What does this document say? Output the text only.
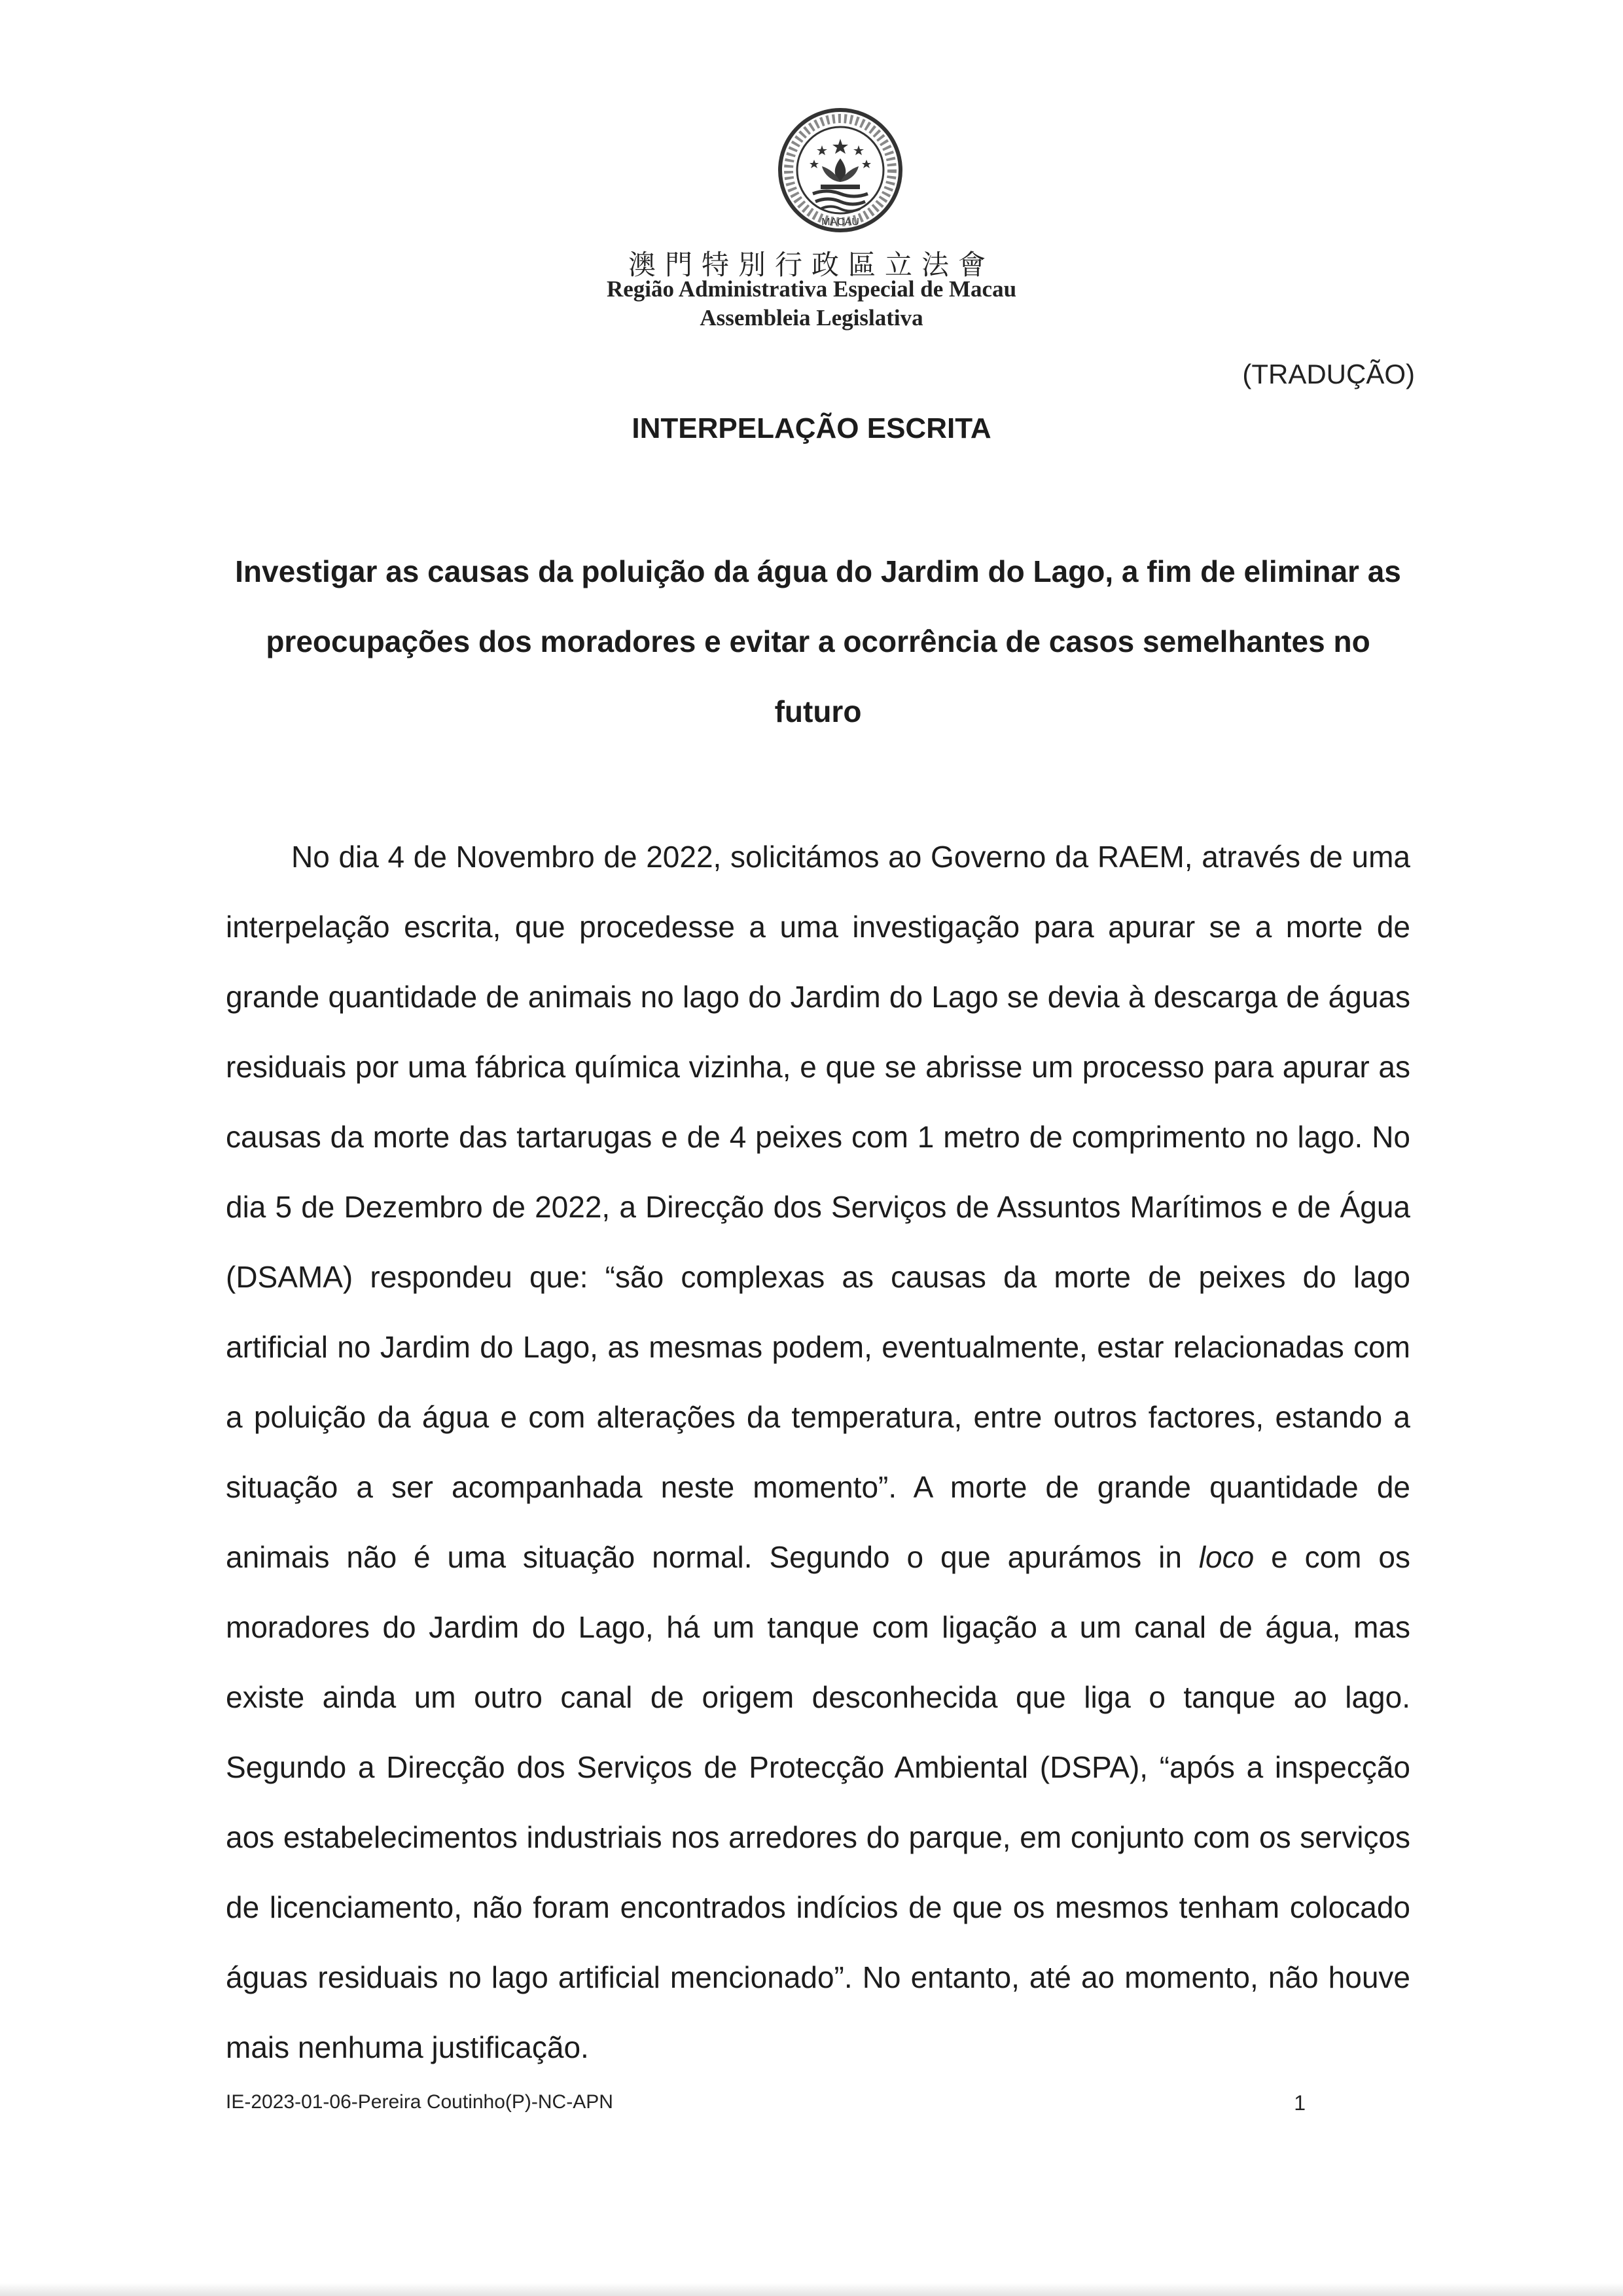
MACAU
澳門特別行政區立法會
Região Administrativa Especial de Macau
Assembleia Legislativa
(TRADUÇÃO)
INTERPELAÇÃO ESCRITA
Investigar as causas da poluição da água do Jardim do Lago, a fim de eliminar as preocupações dos moradores e evitar a ocorrência de casos semelhantes no futuro

No dia 4 de Novembro de 2022, solicitámos ao Governo da RAEM, através de uma interpelação escrita, que procedesse a uma investigação para apurar se a morte de grande quantidade de animais no lago do Jardim do Lago se devia à descarga de águas residuais por uma fábrica química vizinha, e que se abrisse um processo para apurar as causas da morte das tartarugas e de 4 peixes com 1 metro de comprimento no lago. No dia 5 de Dezembro de 2022, a Direcção dos Serviços de Assuntos Marítimos e de Água (DSAMA) respondeu que: “são complexas as causas da morte de peixes do lago artificial no Jardim do Lago, as mesmas podem, eventualmente, estar relacionadas com a poluição da água e com alterações da temperatura, entre outros factores, estando a situação a ser acompanhada neste momento”. A morte de grande quantidade de animais não é uma situação normal. Segundo o que apurámos in loco e com os moradores do Jardim do Lago, há um tanque com ligação a um canal de água, mas existe ainda um outro canal de origem desconhecida que liga o tanque ao lago. Segundo a Direcção dos Serviços de Protecção Ambiental (DSPA), “após a inspecção aos estabelecimentos industriais nos arredores do parque, em conjunto com os serviços de licenciamento, não foram encontrados indícios de que os mesmos tenham colocado águas residuais no lago artificial mencionado”. No entanto, até ao momento, não houve mais nenhuma justificação.

IE-2023-01-06-Pereira Coutinho(P)-NC-APN	1
